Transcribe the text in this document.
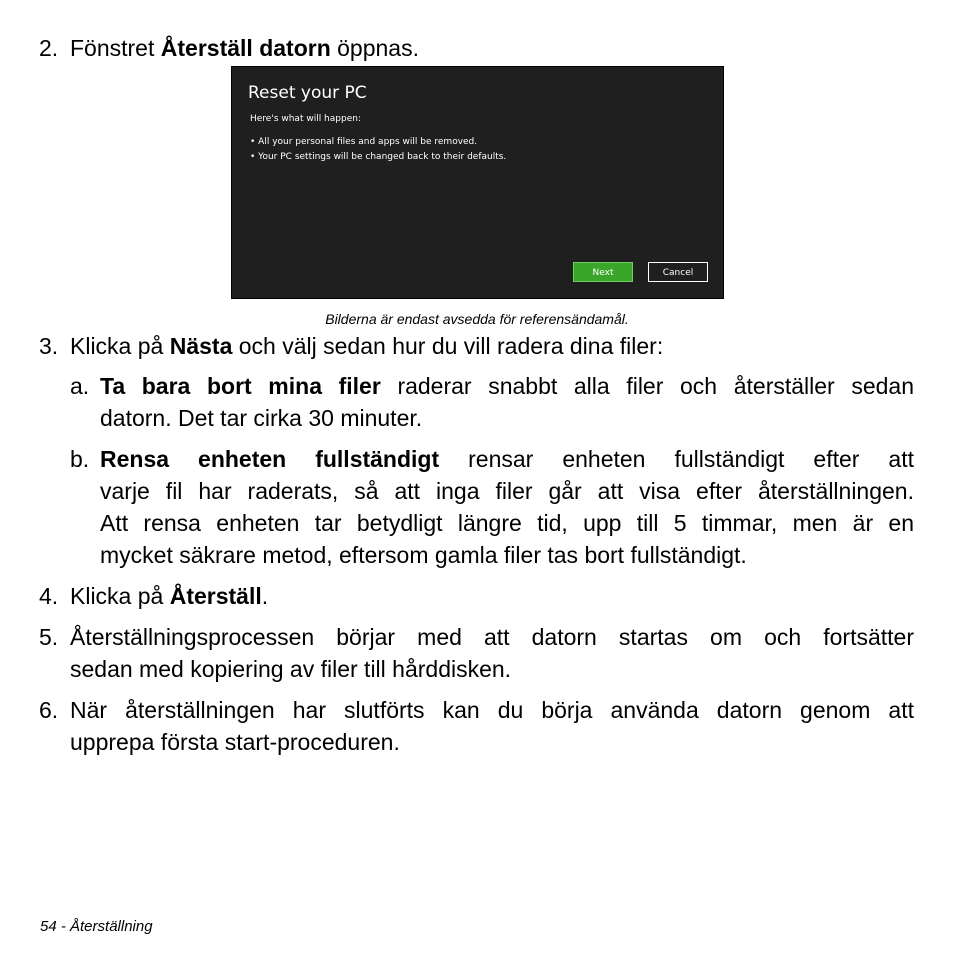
2. Fönstret Återställ datorn öppnas.
Reset your PC
Here's what will happen:
• All your personal files and apps will be removed.
• Your PC settings will be changed back to their defaults.
Next	Cancel
Bilderna är endast avsedda för referensändamål.
3. Klicka på Nästa och välj sedan hur du vill radera dina filer:
a. Ta bara bort mina filer raderar snabbt alla filer och återställer sedan
datorn. Det tar cirka 30 minuter.
b. Rensa enheten fullständigt rensar enheten fullständigt efter att
varje fil har raderats, så att inga filer går att visa efter återställningen.
Att rensa enheten tar betydligt längre tid, upp till 5 timmar, men är en
mycket säkrare metod, eftersom gamla filer tas bort fullständigt.
4. Klicka på Återställ.
5. Återställningsprocessen börjar med att datorn startas om och fortsätter
sedan med kopiering av filer till hårddisken.
6. När återställningen har slutförts kan du börja använda datorn genom att
upprepa första start-proceduren.
54 - Återställning
